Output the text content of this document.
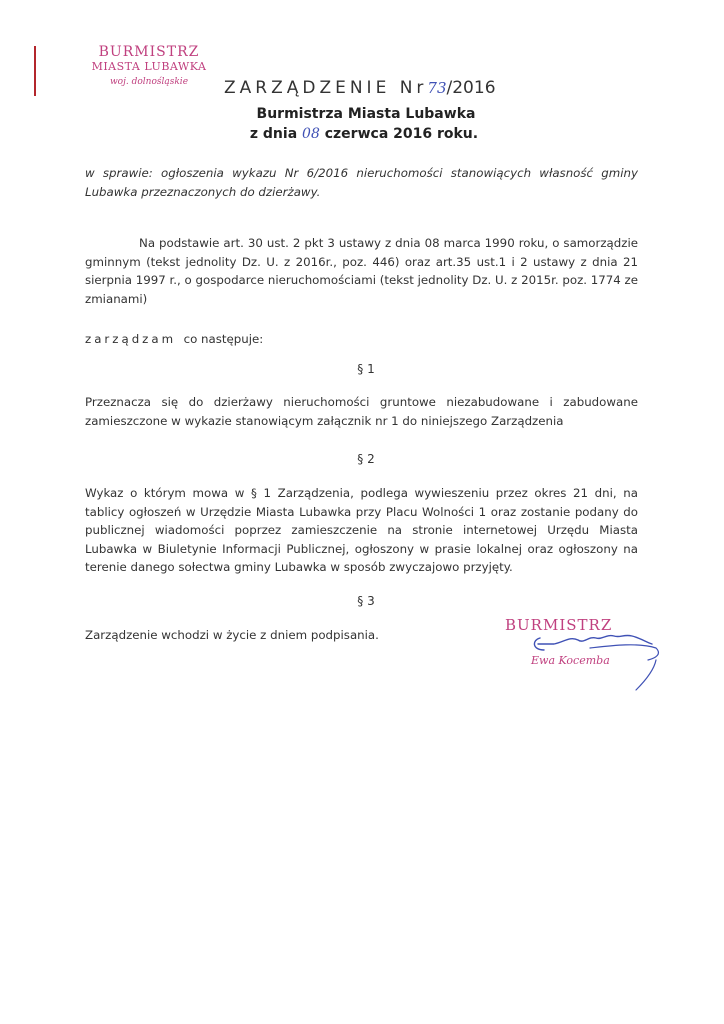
BURMISTRZ
MIASTA LUBAWKA
woj. dolnośląskie	ZARZĄDZENIE Nr73/2016
Burmistrza Miasta Lubawka
z dnia 08 czerwca 2016 roku.
w sprawie: ogłoszenia wykazu Nr 6/2016 nieruchomości stanowiących własność gminy Lubawka przeznaczonych do dzierżawy.
Na podstawie art. 30 ust. 2 pkt 3 ustawy z dnia 08 marca 1990 roku, o samorządzie gminnym (tekst jednolity Dz. U. z 2016r., poz. 446) oraz art.35 ust.1 i 2 ustawy z dnia 21 sierpnia 1997 r., o gospodarce nieruchomościami (tekst jednolity Dz. U. z 2015r. poz. 1774 ze zmianami)
zarządzam co następuje:
§ 1
Przeznacza się do dzierżawy nieruchomości gruntowe niezabudowane i zabudowane zamieszczone w wykazie stanowiącym załącznik nr 1 do niniejszego Zarządzenia
§ 2
Wykaz o którym mowa w § 1 Zarządzenia, podlega wywieszeniu przez okres 21 dni, na tablicy ogłoszeń w Urzędzie Miasta Lubawka przy Placu Wolności 1 oraz zostanie podany do publicznej wiadomości poprzez zamieszczenie na stronie internetowej Urzędu Miasta Lubawka w Biuletynie Informacji Publicznej, ogłoszony w prasie lokalnej oraz ogłoszony na terenie danego sołectwa gminy Lubawka w sposób zwyczajowo przyjęty.
§ 3
Zarządzenie wchodzi w życie z dniem podpisania.
BURMISTRZ
Ewa Kocemba
